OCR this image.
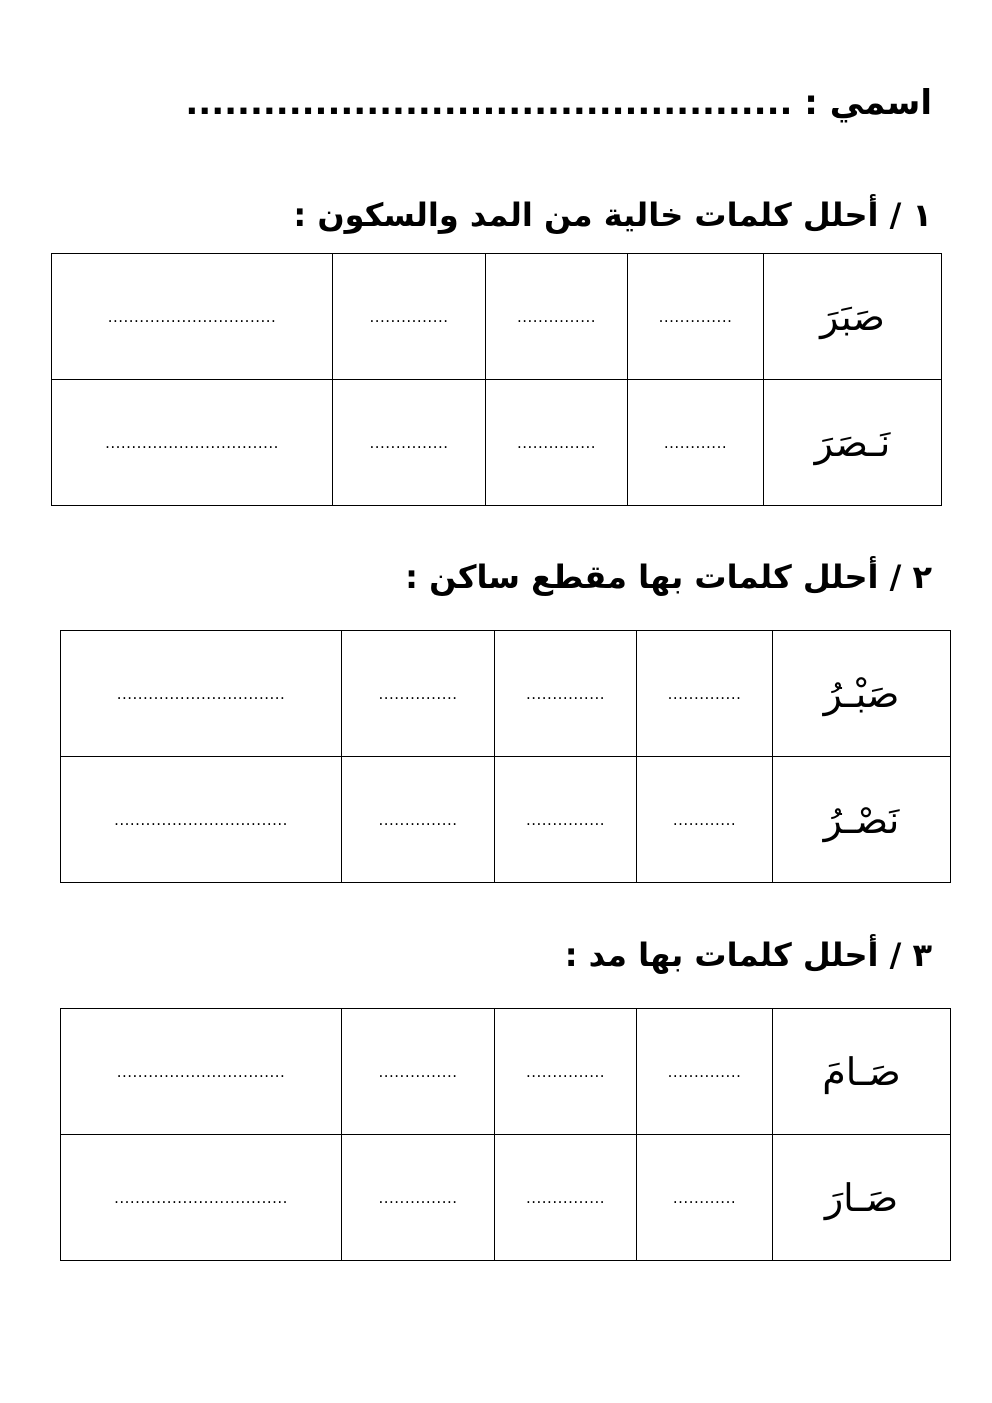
اسمي : ...............................................
١ / أحلل كلمات خالية من المد والسكون :
صَبَرَ	..............	...............	...............	................................
نَـصَرَ	............	...............	...............	.................................
٢ / أحلل كلمات بها مقطع ساكن :
صَبْـرُ	..............	...............	...............	................................
نَصْـرُ	............	...............	...............	.................................
٣ / أحلل كلمات بها مد :
صَـامَ	..............	...............	...............	................................
صَـارَ	............	...............	...............	.................................
